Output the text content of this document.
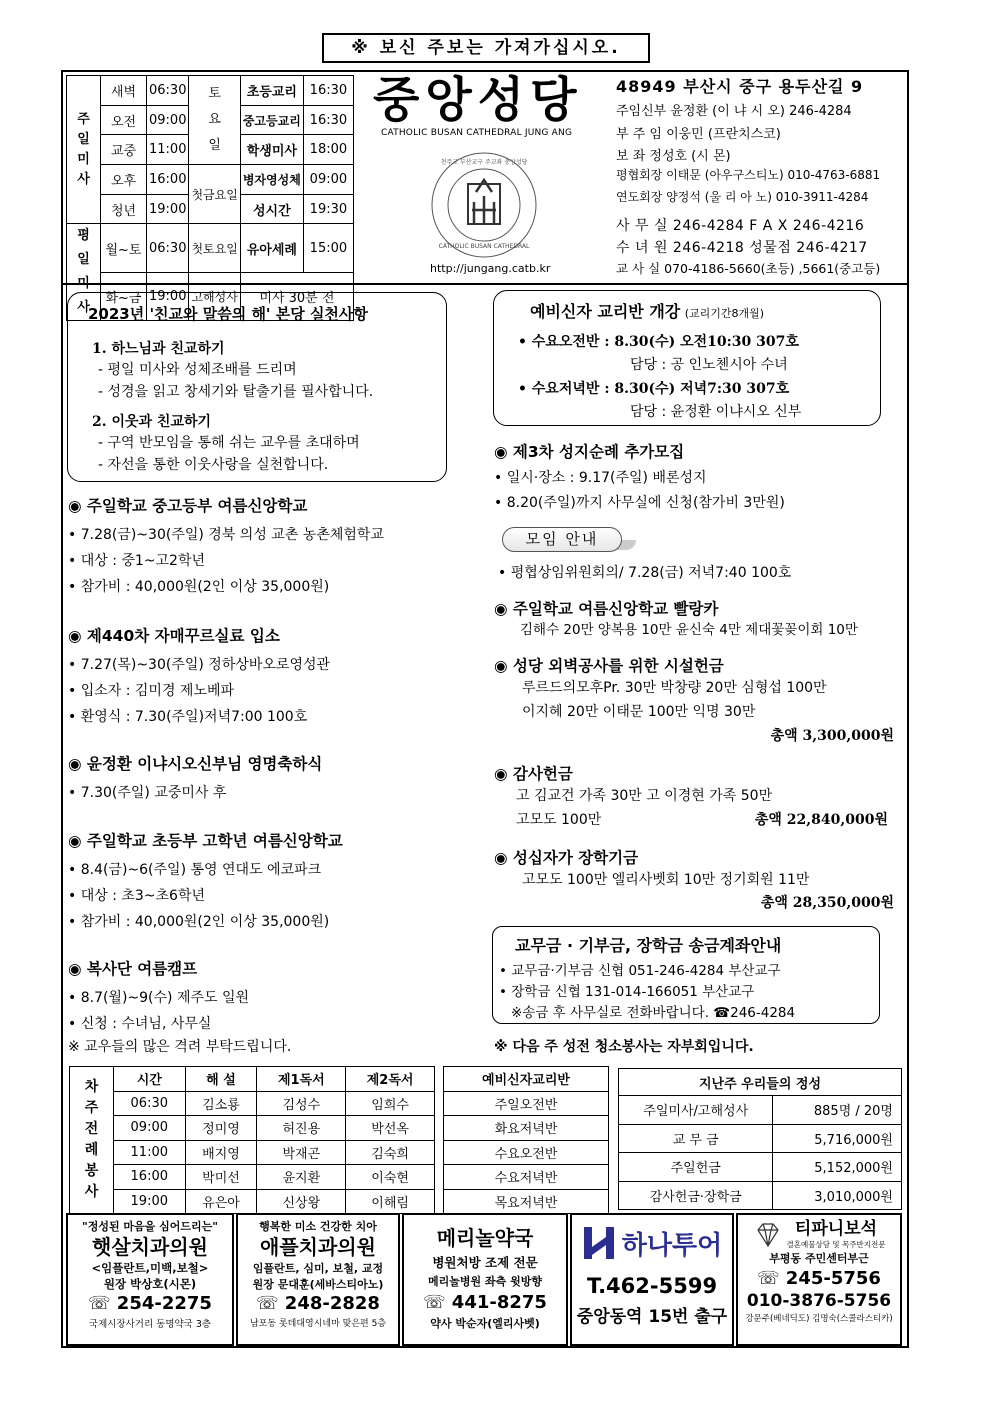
※ 보신 주보는 가져가십시오.
주일미사	새벽	06:30	토요일	초등교리	16:30
	오전	09:00		중고등교리	16:30
	교중	11:00		학생미사	18:00
	오후	16:00	첫금요일	병자영성체	09:00
	청년	19:00		성시간	19:30

평일미사	월~토	06:30	첫토요일	유아세례	15:00
	화~금	19:00	고해성사	미사 30분 전	
중앙성당
CATHOLIC BUSAN CATHEDRAL JUNG ANG
CATHOLIC BUSAN CATHEDRAL
천주교 부산교구 주교좌 중앙성당
http://jungang.catb.kr
48949 부산시 중구 용두산길 9
주임신부 윤정환 (이 냐 시 오) 246-4284
부 주 임 이웅민 (프란치스코)
보 좌 정성호 (시 몬)
평협회장 이태문 (아우구스티노) 010-4763-6881
연도회장 양정석 (울 리 아 노) 010-3911-4284
사 무 실 246-4284 F A X 246-4216
수 녀 원 246-4218 성물점 246-4217
교 사 실 070-4186-5660(초등) ,5661(중고등)
2023년 '친교와 말씀의 해' 본당 실천사항
1. 하느님과 친교하기
- 평일 미사와 성체조배를 드리며
- 성경을 읽고 창세기와 탈출기를 필사합니다.
2. 이웃과 친교하기
- 구역 반모임을 통해 쉬는 교우를 초대하며
- 자선을 통한 이웃사랑을 실천합니다.
◉ 주일학교 중고등부 여름신앙학교
• 7.28(금)~30(주일) 경북 의성 교촌 농촌체험학교
• 대상 : 중1~고2학년
• 참가비 : 40,000원(2인 이상 35,000원)
◉ 제440차 자매꾸르실료 입소
• 7.27(목)~30(주일) 정하상바오로영성관
• 입소자 : 김미경 제노베파
• 환영식 : 7.30(주일)저녁7:00 100호
◉ 윤정환 이냐시오신부님 영명축하식
• 7.30(주일) 교중미사 후
◉ 주일학교 초등부 고학년 여름신앙학교
• 8.4(금)~6(주일) 통영 연대도 에코파크
• 대상 : 초3~초6학년
• 참가비 : 40,000원(2인 이상 35,000원)
◉ 복사단 여름캠프
• 8.7(월)~9(수) 제주도 일원
• 신청 : 수녀님, 사무실
※ 교우들의 많은 격려 부탁드립니다.
예비신자 교리반 개강 (교리기간8개월)
• 수요오전반 : 8.30(수) 오전10:30 307호
담당 : 공 인노첸시아 수녀
• 수요저녁반 : 8.30(수) 저녁7:30 307호
담당 : 윤정환 이냐시오 신부
◉ 제3차 성지순례 추가모집
• 일시·장소 : 9.17(주일) 배론성지
• 8.20(주일)까지 사무실에 신청(참가비 3만원)
모임 안내
• 평협상임위원회의/ 7.28(금) 저녁7:40 100호
◉ 주일학교 여름신앙학교 빨랑카
김해수 20만 양복용 10만 윤신숙 4만 제대꽃꽂이회 10만
◉ 성당 외벽공사를 위한 시설헌금
루르드의모후Pr. 30만 박창량 20만 심형섭 100만
이지혜 20만 이태문 100만 익명 30만
총액 3,300,000원
◉ 감사헌금
고 김교건 가족 30만 고 이경현 가족 50만
고모도 100만	총액 22,840,000원
◉ 성십자가 장학기금
고모도 100만 엘리사벳회 10만 정기회원 11만
총액 28,350,000원
교무금 · 기부금, 장학금 송금계좌안내
• 교무금·기부금 신협 051-246-4284 부산교구
• 장학금 신협 131-014-166051 부산교구
※송금 후 사무실로 전화바랍니다. ☎246-4284
※ 다음 주 성전 청소봉사는 자부회입니다.
차주전례봉사	시간	해 설	제1독서	제2독서
	06:30	김소룡	김성수	임희수
	09:00	정미영	허진용	박선옥
	11:00	배지영	박재곤	김숙희
	16:00	박미선	윤지환	이숙현
	19:00	유은아	신상왕	이해림
예비신자교리반
주일오전반
화요저녁반
수요오전반
수요저녁반
목요저녁반
지난주 우리들의 정성	
주일미사/고해성사	885명 / 20명
교 무 금	5,716,000원
주일헌금	5,152,000원
감사헌금·장학금	3,010,000원
"정성된 마음을 심어드리는"
햇살치과의원
<임플란트,미백,보철>
원장 박상호(시몬)
☏ 254-2275
국제시장사거리 동명약국 3층
행복한 미소 건강한 치아
애플치과의원
임플란트, 심미, 보철, 교정
원장 문대훈(세바스티아노)
☏ 248-2828
남포동 롯데대영시네마 맞은편 5층
메리놀약국
병원처방 조제 전문
메리놀병원 좌측 윗방향
☏ 441-8275
약사 박순자(엘리사벳)
하나투어
T.462-5599
중앙동역 15번 출구
티파니보석
결혼예물상담 및 목주반지전문
부평동 주민센터부근
☏ 245-5756
010-3876-5756
강문주(베네딕도) 김명숙(스콜라스티카)
